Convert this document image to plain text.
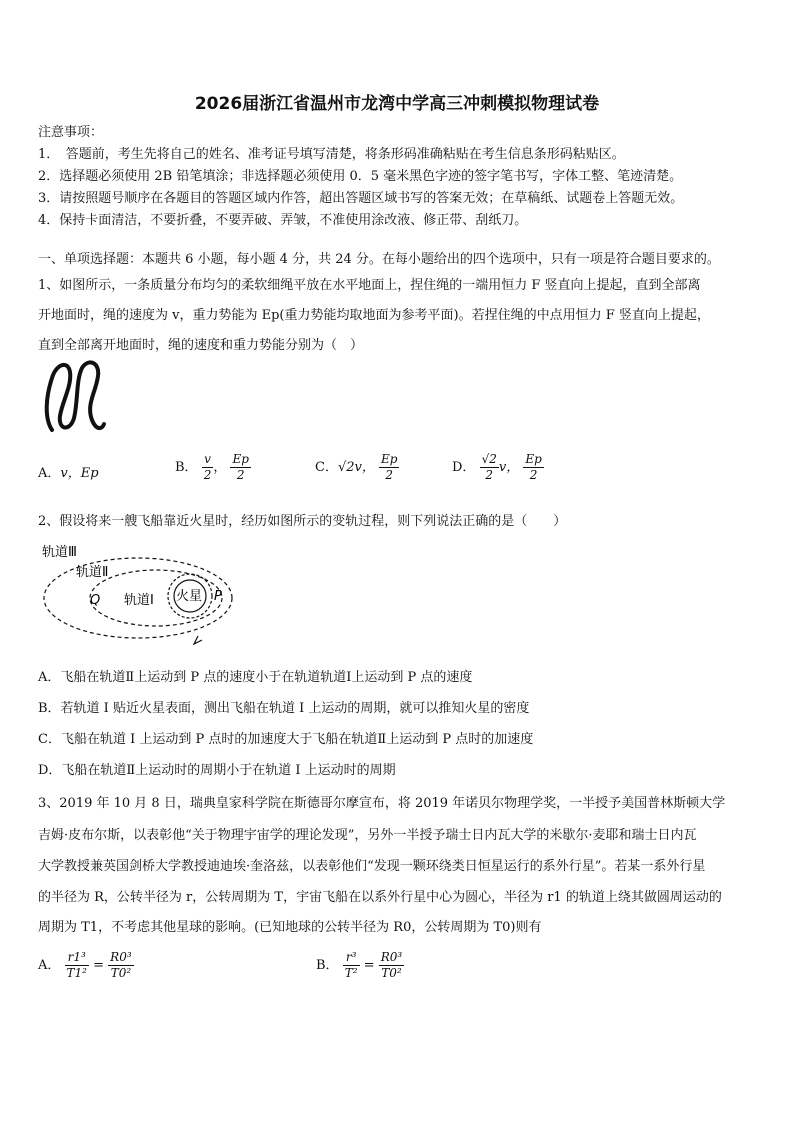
2026届浙江省温州市龙湾中学高三冲刺模拟物理试卷
注意事项：
1．　答题前，考生先将自己的姓名、准考证号填写清楚，将条形码准确粘贴在考生信息条形码粘贴区。
2．选择题必须使用 2B 铅笔填涂；非选择题必须使用 0．5 毫米黑色字迹的签字笔书写，字体工整、笔迹清楚。
3．请按照题号顺序在各题目的答题区域内作答，超出答题区域书写的答案无效；在草稿纸、试题卷上答题无效。
4．保持卡面清洁，不要折叠，不要弄破、弄皱，不准使用涂改液、修正带、刮纸刀。
一、单项选择题：本题共 6 小题，每小题 4 分，共 24 分。在每小题给出的四个选项中，只有一项是符合题目要求的。
1、如图所示，一条质量分布均匀的柔软细绳平放在水平地面上，捏住绳的一端用恒力 F 竖直向上提起，直到全部离
开地面时，绳的速度为 v，重力势能为 Ep(重力势能均取地面为参考平面)。若捏住绳的中点用恒力 F 竖直向上提起，
直到全部离开地面时，绳的速度和重力势能分别为（　）
A．v，Ep	B． $\frac{v}{2}$ ， $\frac{Ep}{2}$	C．√2v， $\frac{Ep}{2}$	D． $\frac{√2}{2}$ v， $\frac{Ep}{2}$
2、假设将来一艘飞船靠近火星时，经历如图所示的变轨过程，则下列说法正确的是（　　）
轨道Ⅲ
轨道Ⅱ
轨道Ⅰ 火星
Q	P
A．飞船在轨道Ⅱ上运动到 P 点的速度小于在轨道轨道Ⅰ上运动到 P 点的速度
B．若轨道 I 贴近火星表面，测出飞船在轨道 I 上运动的周期，就可以推知火星的密度
C．飞船在轨道 I 上运动到 P 点时的加速度大于飞船在轨道Ⅱ上运动到 P 点时的加速度
D．飞船在轨道Ⅱ上运动时的周期小于在轨道 I 上运动时的周期
3、2019 年 10 月 8 日，瑞典皇家科学院在斯德哥尔摩宣布，将 2019 年诺贝尔物理学奖，一半授予美国普林斯顿大学
吉姆·皮布尔斯，以表彰他“关于物理宇宙学的理论发现”，另外一半授予瑞士日内瓦大学的米歇尔·麦耶和瑞士日内瓦
大学教授兼英国剑桥大学教授迪迪埃·奎洛兹，以表彰他们“发现一颗环绕类日恒星运行的系外行星”。若某一系外行星
的半径为 R，公转半径为 r，公转周期为 T，宇宙飞船在以系外行星中心为圆心，半径为 r1 的轨道上绕其做圆周运动的
周期为 T1，不考虑其他星球的影响。(已知地球的公转半径为 R0，公转周期为 T0)则有
A． $\frac{\text{r1³}}{\text{T1²}} = \frac{\text{R0³}}{\text{T0²}}$	B． $\frac{\text{r³}}{\text{T²}} = \frac{\text{R0³}}{\text{T0²}}$
